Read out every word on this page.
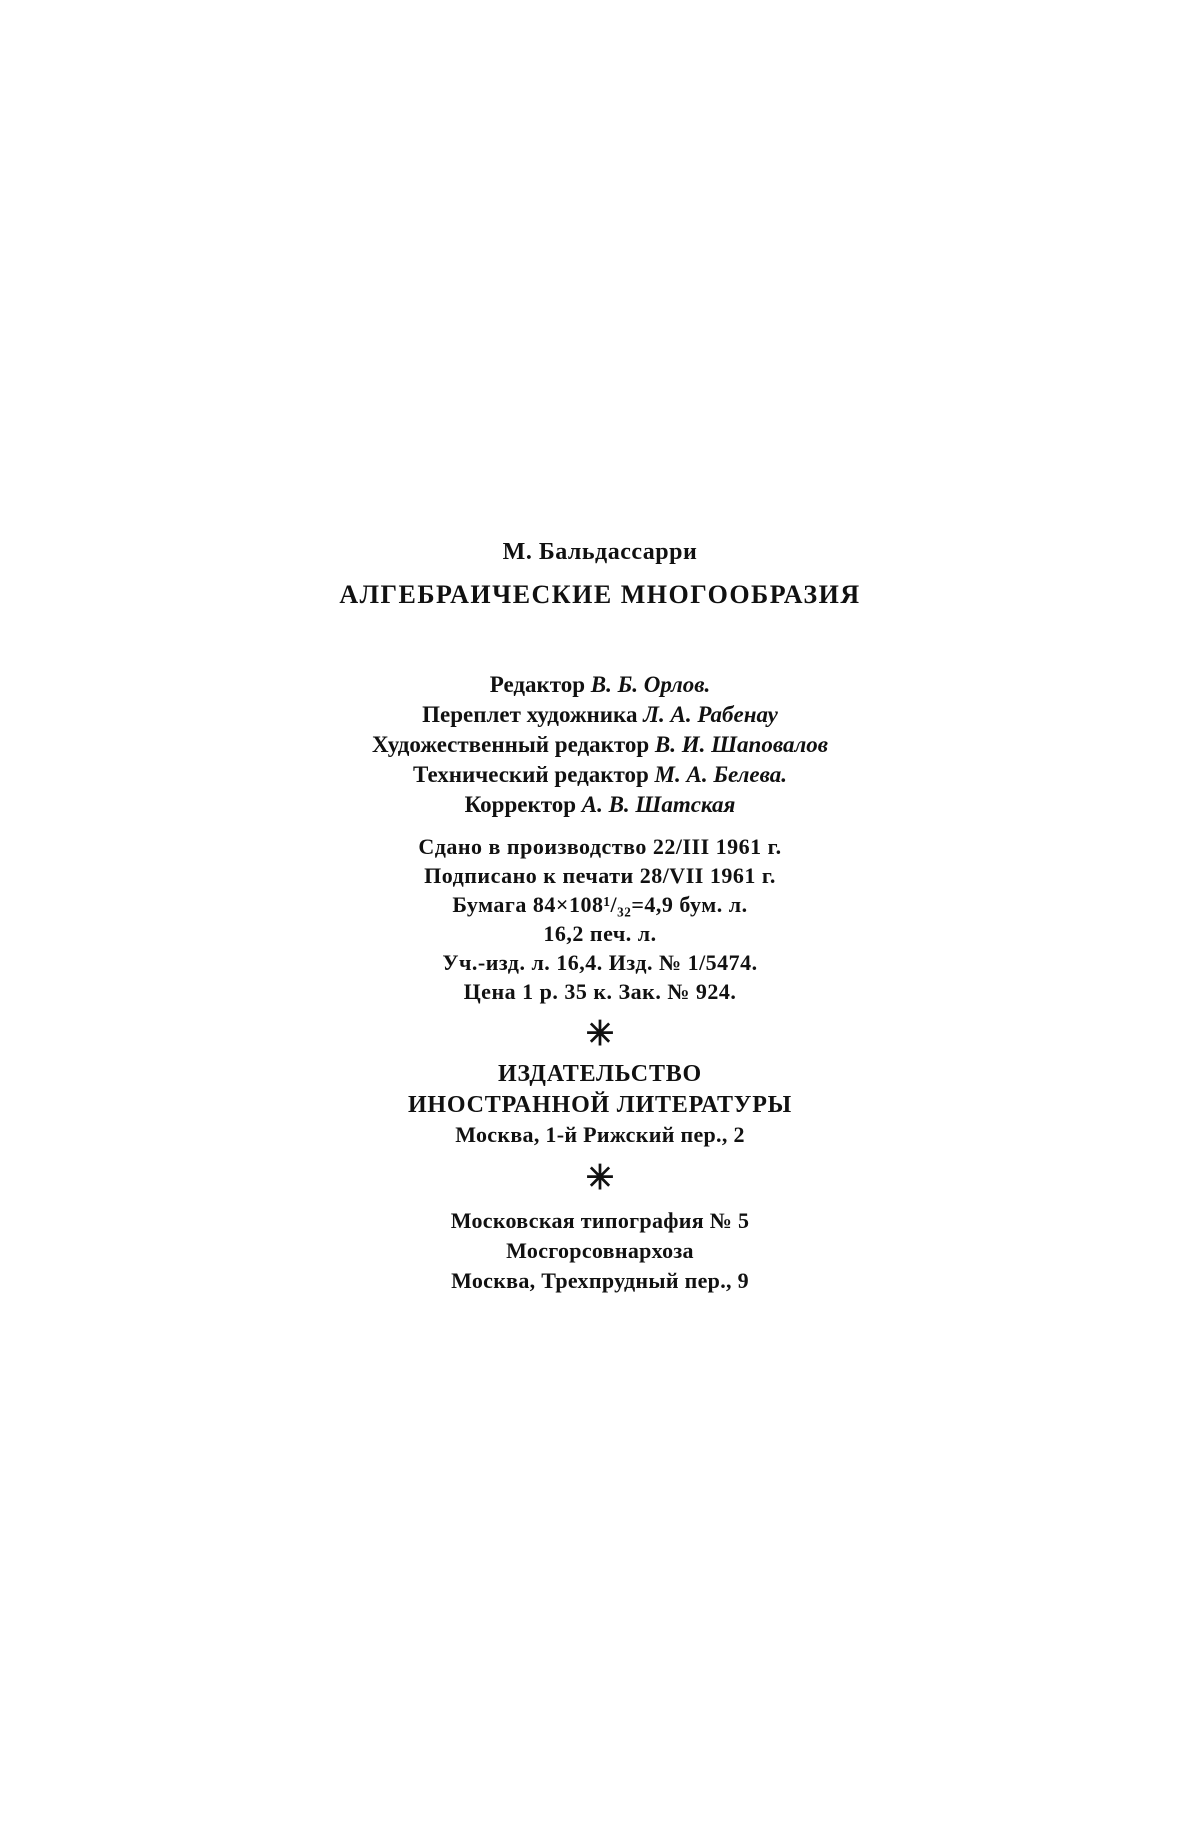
М. Бальдассарри
АЛГЕБРАИЧЕСКИЕ МНОГООБРАЗИЯ
Редактор В. Б. Орлов.
Переплет художника Л. А. Рабенау
Художественный редактор В. И. Шаповалов
Технический редактор М. А. Белева.
Корректор А. В. Шатская
Сдано в производство 22/III 1961 г.
Подписано к печати 28/VII 1961 г.
Бумага 84×108¹/₃₂=4,9 бум. л.
16,2 печ. л.
Уч.-изд. л. 16,4. Изд. № 1/5474.
Цена 1 р. 35 к. Зак. № 924.
✳
ИЗДАТЕЛЬСТВО
ИНОСТРАННОЙ ЛИТЕРАТУРЫ
Москва, 1-й Рижский пер., 2
✳
Московская типография № 5
Мосгорсовнархоза
Москва, Трехпрудный пер., 9
